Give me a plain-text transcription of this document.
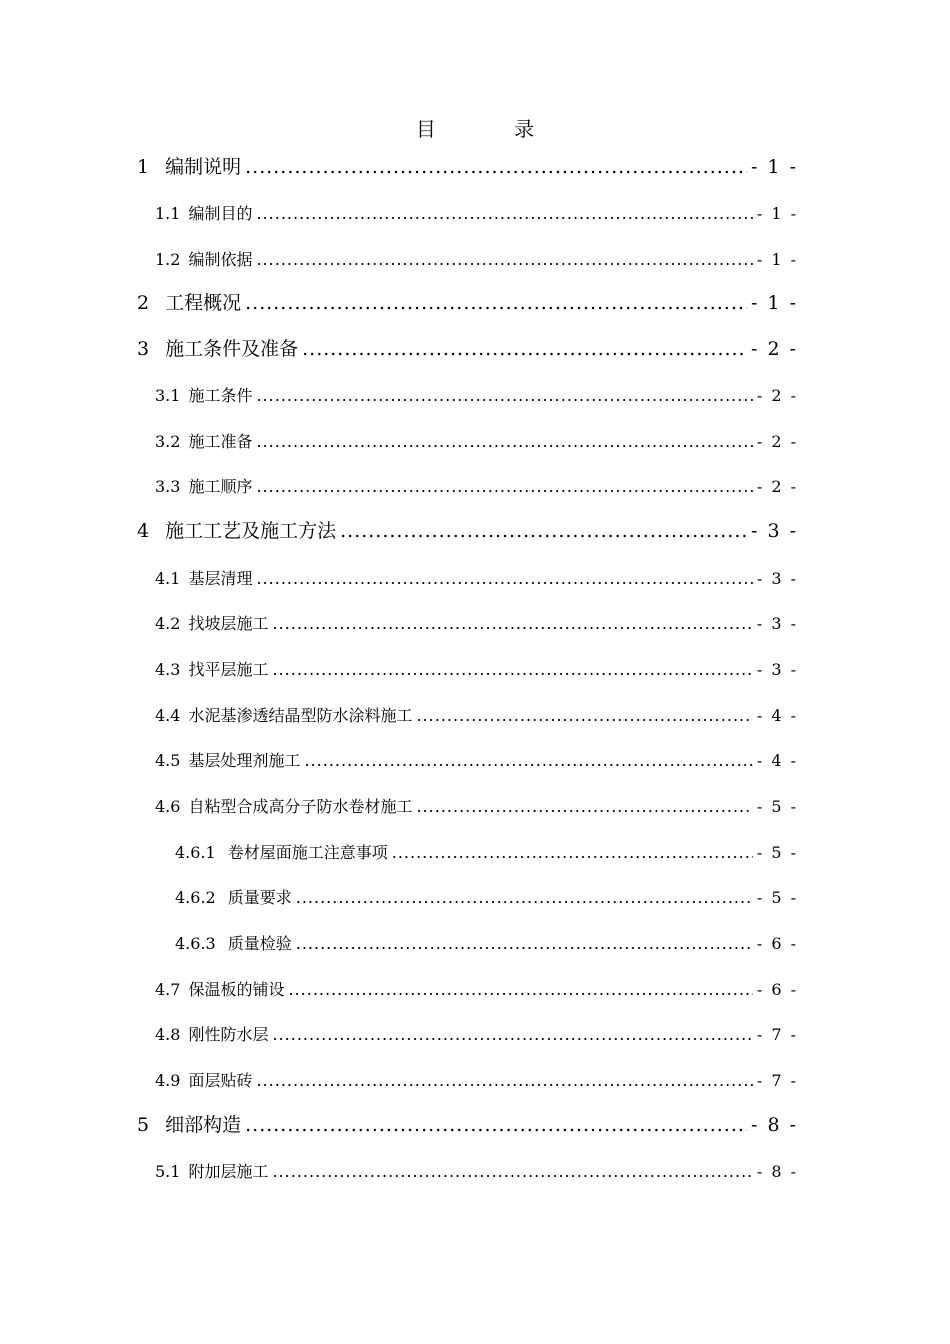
目 录
1 编制说明 .....	- 1 -
1.1 编制目的 .....	- 1 -
1.2 编制依据 .....	- 1 -
2 工程概况 .....	- 1 -
3 施工条件及准备 .....	- 2 -
3.1 施工条件 .....	- 2 -
3.2 施工准备 .....	- 2 -
3.3 施工顺序 .....	- 2 -
4 施工工艺及施工方法 .....	- 3 -
4.1 基层清理 .....	- 3 -
4.2 找坡层施工 .....	- 3 -
4.3 找平层施工 .....	- 3 -
4.4 水泥基渗透结晶型防水涂料施工 .....	- 4 -
4.5 基层处理剂施工 .....	- 4 -
4.6 自粘型合成高分子防水卷材施工 .....	- 5 -
4.6.1 卷材屋面施工注意事项 .....	- 5 -
4.6.2 质量要求 .....	- 5 -
4.6.3 质量检验 .....	- 6 -
4.7 保温板的铺设 .....	- 6 -
4.8 刚性防水层 .....	- 7 -
4.9 面层贴砖 .....	- 7 -
5 细部构造 .....	- 8 -
5.1 附加层施工 .....	- 8 -
